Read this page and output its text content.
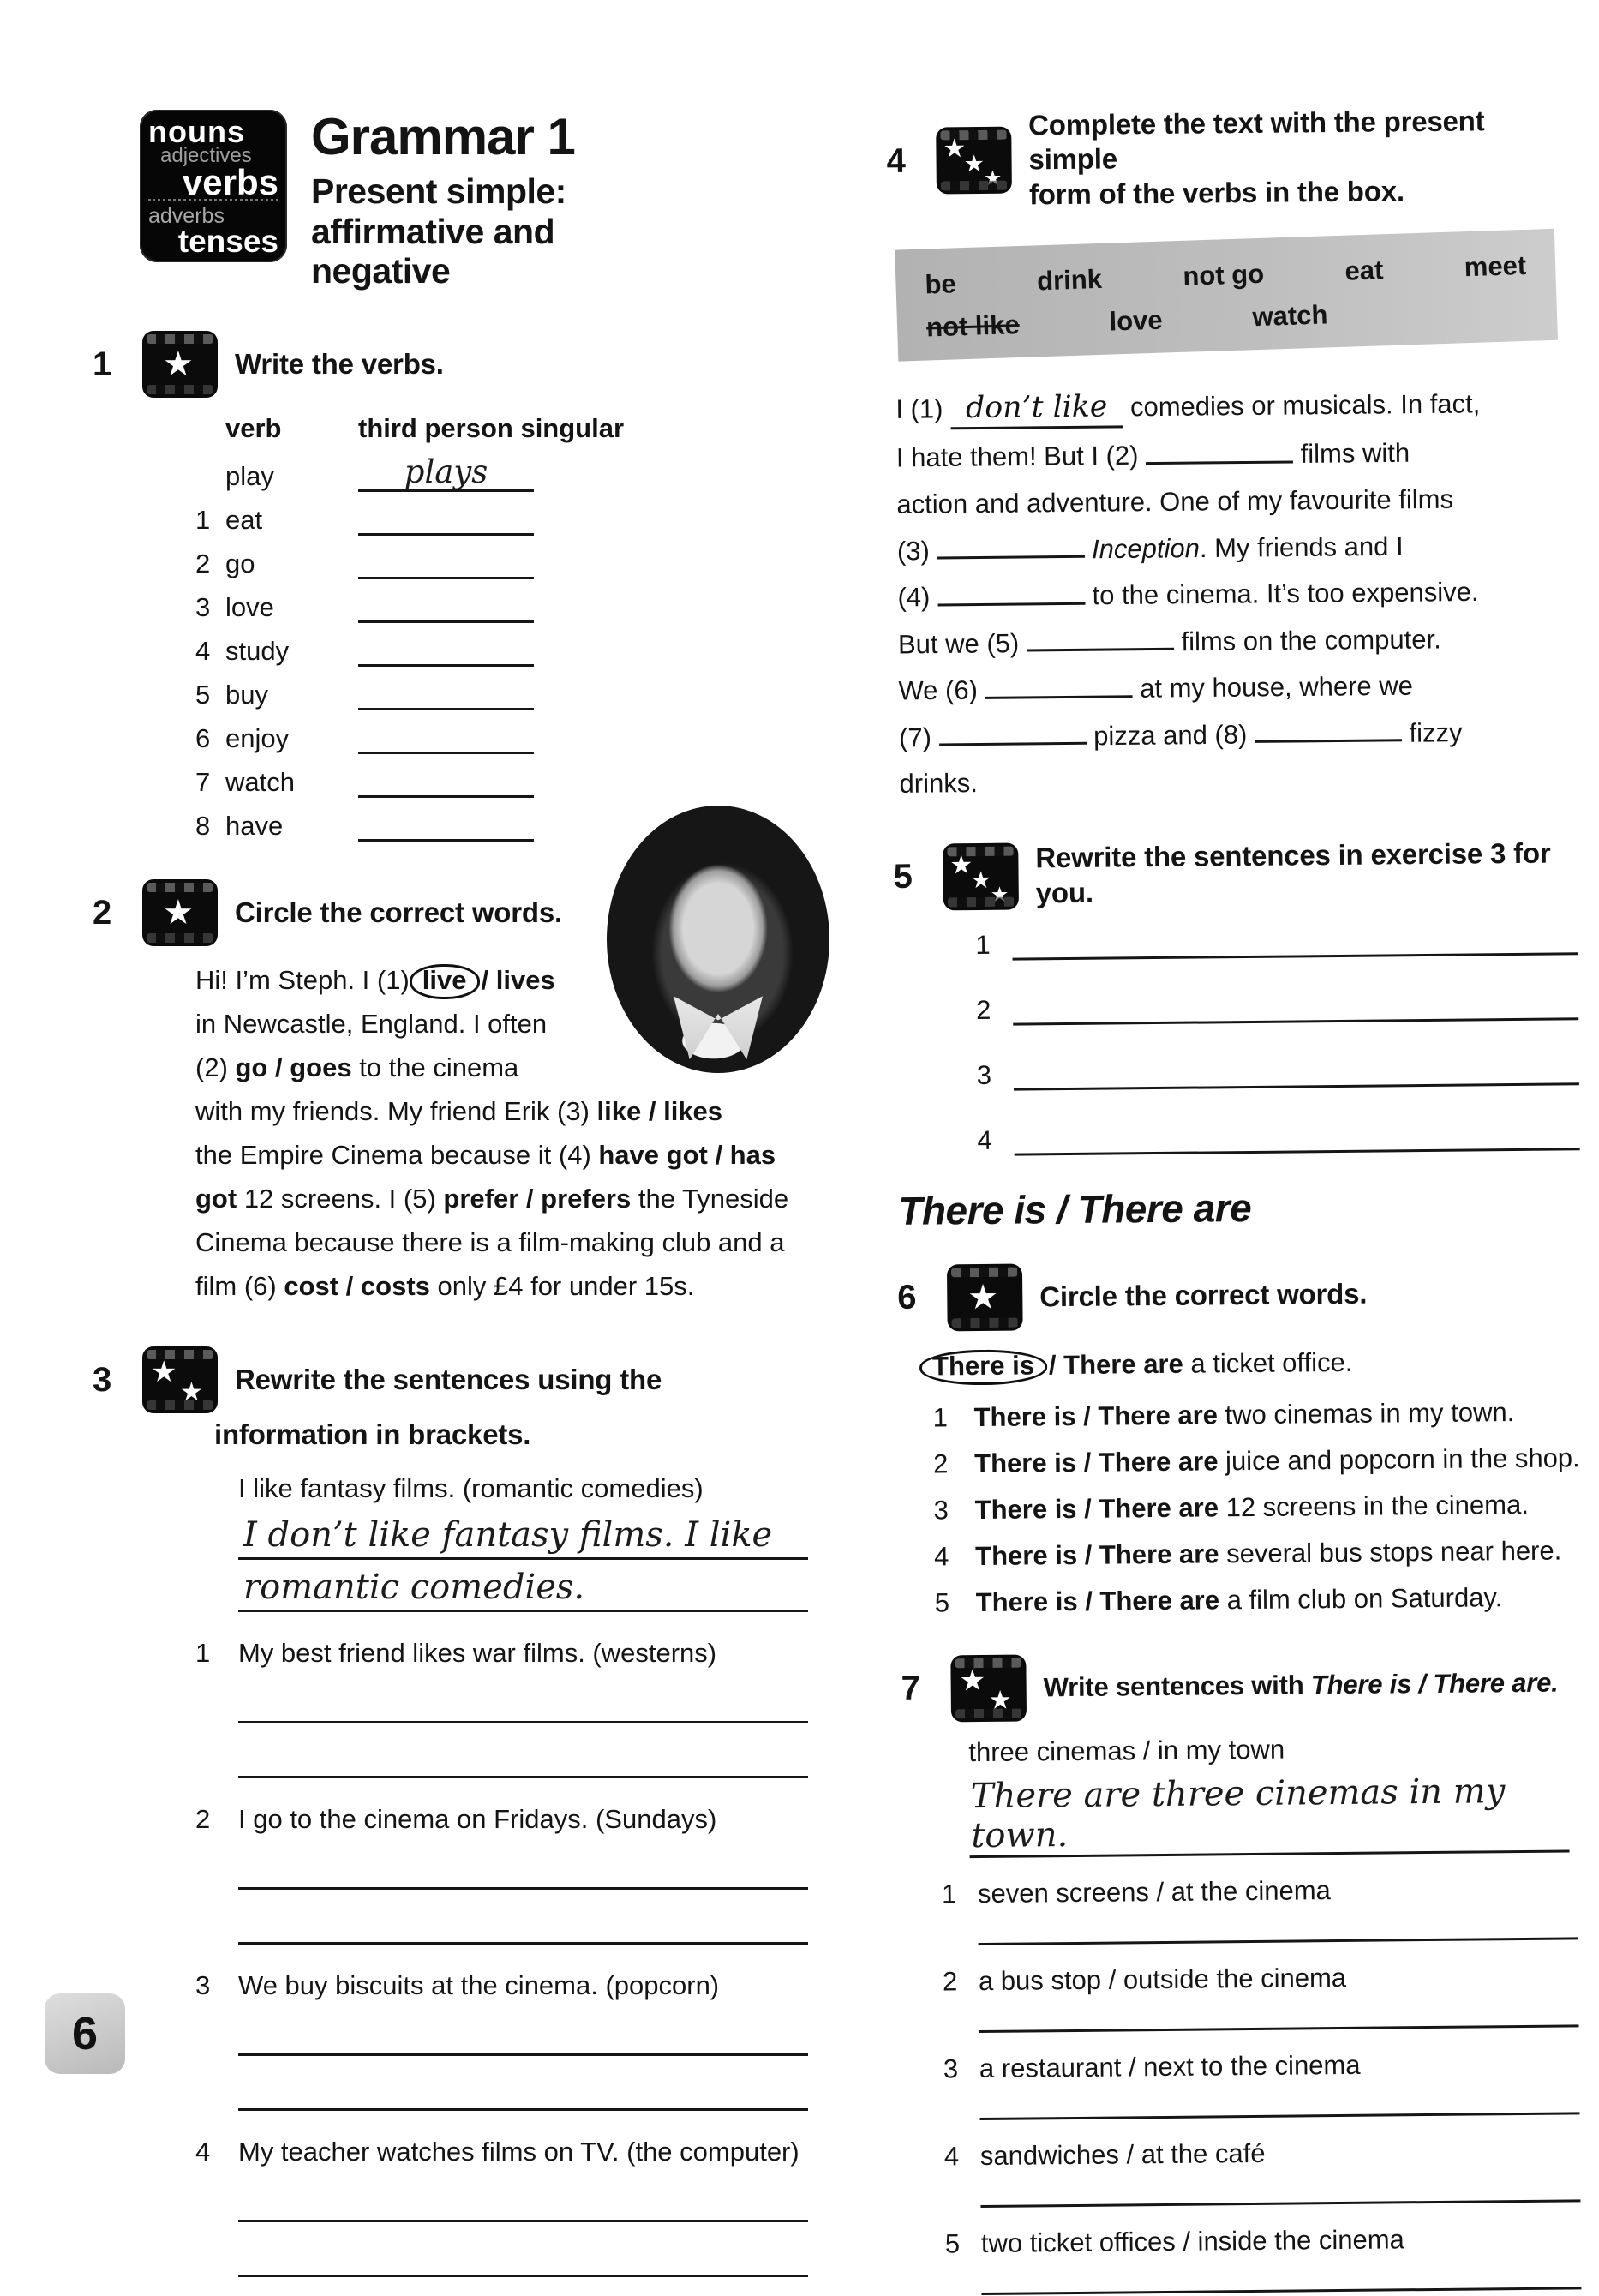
nouns
adjectives
verbs
adverbs
tenses
Grammar 1
Present simple:
affirmative and
negative
1 ★	Write the verbs.
verb	third person singular
play	plays
1 eat
2 go
3 love
4 study
5 buy
6 enjoy
7 watch
8 have
2 ★	Circle the correct words.
Hi! I’m Steph. I (1) live / lives
in Newcastle, England. I often
(2) go / goes to the cinema
with my friends. My friend Erik (3) like / likes
the Empire Cinema because it (4) have got / has
got 12 screens. I (5) prefer / prefers the Tyneside
Cinema because there is a film-making club and a
film (6) cost / costs only £4 for under 15s.
3 ★ ★	Rewrite the sentences using the
information in brackets.
I like fantasy films. (romantic comedies)
I don’t like fantasy films. I like
romantic comedies.
1	My best friend likes war films. (westerns)
2	I go to the cinema on Fridays. (Sundays)
3	We buy biscuits at the cinema. (popcorn)
4	My teacher watches films on TV. (the computer)
4
★
★
★
Complete the text with the present simple
form of the verbs in the box.
be	drink	not go	eat	meet
not like	love	watch
I (1) don’t like comedies or musicals. In fact,
I hate them! But I (2)	films with
action and adventure. One of my favourite films
(3)	Inception. My friends and I
(4)	to the cinema. It’s too expensive.
But we (5)	films on the computer.
We (6)	at my house, where we
(7)	pizza and (8)	fizzy
drinks.
5
★
★
★
Rewrite the sentences in exercise 3 for you.
1
2
3
4
There is / There are
6 ★	Circle the correct words.
There is / There are a ticket office.
1 There is / There are two cinemas in my town.
2 There is / There are juice and popcorn in the shop.
3 There is / There are 12 screens in the cinema.
4 There is / There are several bus stops near here.
5 There is / There are a film club on Saturday.
7 ★ ★	Write sentences with There is / There are.
three cinemas / in my town
There are three cinemas in my town.
1 seven screens / at the cinema
2 a bus stop / outside the cinema
3 a restaurant / next to the cinema
4 sandwiches / at the café
5 two ticket offices / inside the cinema
6
